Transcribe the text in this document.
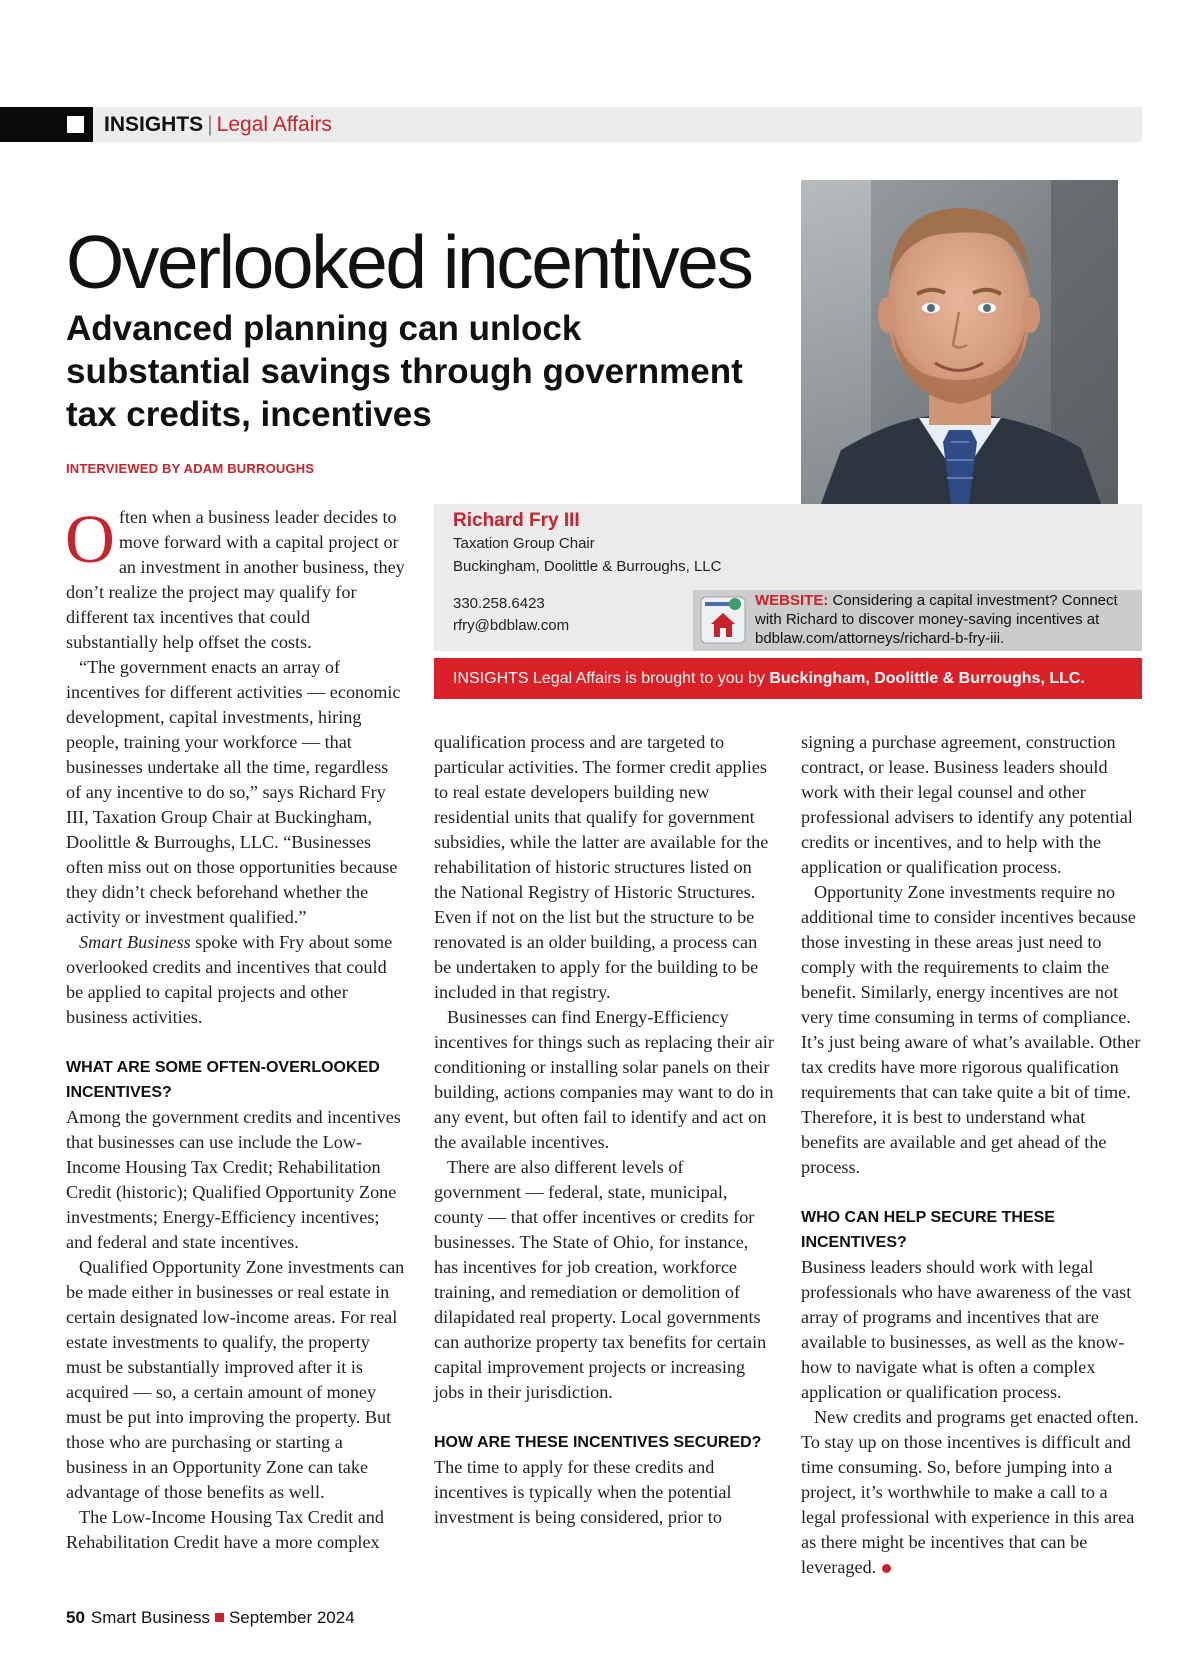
INSIGHTS | Legal Affairs
Overlooked incentives
Advanced planning can unlock substantial savings through government tax credits, incentives
INTERVIEWED BY ADAM BURROUGHS
Richard Fry III
Taxation Group Chair
Buckingham, Doolittle & Burroughs, LLC
330.258.6423
rfry@bdblaw.com
WEBSITE: Considering a capital investment? Connect with Richard to discover money-saving incentives at bdblaw.com/attorneys/richard-b-fry-iii.
INSIGHTS Legal Affairs is brought to you by Buckingham, Doolittle & Burroughs, LLC.

Often when a business leader decides to move forward with a capital project or an investment in another business, they don’t realize the project may qualify for different tax incentives that could substantially help offset the costs.

“The government enacts an array of incentives for different activities — economic development, capital investments, hiring people, training your workforce — that businesses undertake all the time, regardless of any incentive to do so,” says Richard Fry III, Taxation Group Chair at Buckingham, Doolittle & Burroughs, LLC. “Businesses often miss out on those opportunities because they didn’t check beforehand whether the activity or investment qualified.”

Smart Business spoke with Fry about some overlooked credits and incentives that could be applied to capital projects and other business activities.

WHAT ARE SOME OFTEN-OVERLOOKED INCENTIVES?

Among the government credits and incentives that businesses can use include the Low-Income Housing Tax Credit; Rehabilitation Credit (historic); Qualified Opportunity Zone investments; Energy-Efficiency incentives; and federal and state incentives.

Qualified Opportunity Zone investments can be made either in businesses or real estate in certain designated low-income areas. For real estate investments to qualify, the property must be substantially improved after it is acquired — so, a certain amount of money must be put into improving the property. But those who are purchasing or starting a business in an Opportunity Zone can take advantage of those benefits as well.

The Low-Income Housing Tax Credit and Rehabilitation Credit have a more complex

qualification process and are targeted to particular activities. The former credit applies to real estate developers building new residential units that qualify for government subsidies, while the latter are available for the rehabilitation of historic structures listed on the National Registry of Historic Structures. Even if not on the list but the structure to be renovated is an older building, a process can be undertaken to apply for the building to be included in that registry.

Businesses can find Energy-Efficiency incentives for things such as replacing their air conditioning or installing solar panels on their building, actions companies may want to do in any event, but often fail to identify and act on the available incentives.

There are also different levels of government — federal, state, municipal, county — that offer incentives or credits for businesses. The State of Ohio, for instance, has incentives for job creation, workforce training, and remediation or demolition of dilapidated real property. Local governments can authorize property tax benefits for certain capital improvement projects or increasing jobs in their jurisdiction.

HOW ARE THESE INCENTIVES SECURED?

The time to apply for these credits and incentives is typically when the potential investment is being considered, prior to

signing a purchase agreement, construction contract, or lease. Business leaders should work with their legal counsel and other professional advisers to identify any potential credits or incentives, and to help with the application or qualification process.

Opportunity Zone investments require no additional time to consider incentives because those investing in these areas just need to comply with the requirements to claim the benefit. Similarly, energy incentives are not very time consuming in terms of compliance. It’s just being aware of what’s available. Other tax credits have more rigorous qualification requirements that can take quite a bit of time. Therefore, it is best to understand what benefits are available and get ahead of the process.

WHO CAN HELP SECURE THESE INCENTIVES?

Business leaders should work with legal professionals who have awareness of the vast array of programs and incentives that are available to businesses, as well as the know-how to navigate what is often a complex application or qualification process.

New credits and programs get enacted often. To stay up on those incentives is difficult and time consuming. So, before jumping into a project, it’s worthwhile to make a call to a legal professional with experience in this area as there might be incentives that can be leveraged.

50 Smart Business September 2024
